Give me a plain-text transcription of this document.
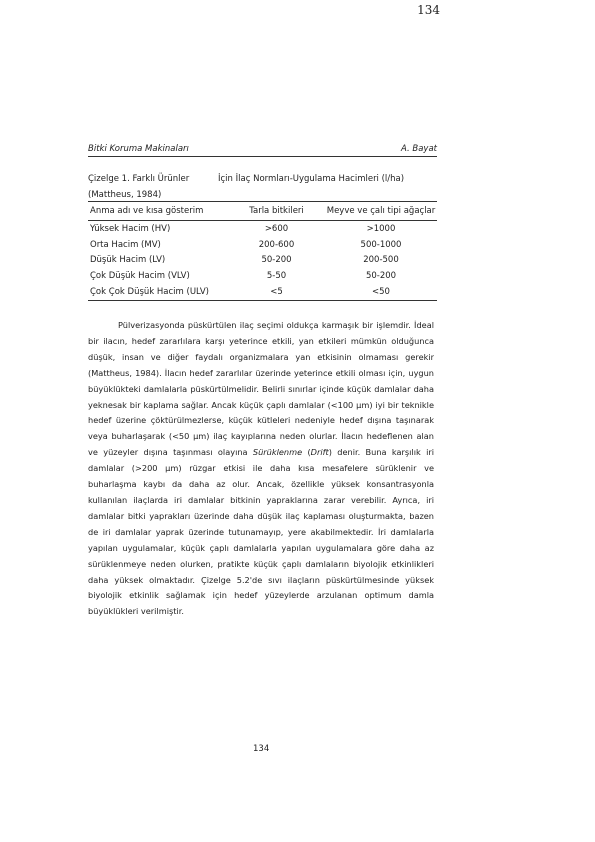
134
Bitki Koruma Makinaları	A. Bayat
Çizelge 1. Farklı Ürünler (Mattheus, 1984)
İçin İlaç Normları-Uygulama Hacimleri (l/ha)
Anma adı ve kısa gösterim	Tarla bitkileri	Meyve ve çalı tipi ağaçlar
Yüksek Hacim (HV)	>600	>1000
Orta Hacim (MV)	200-600	500-1000
Düşük Hacim (LV)	50-200	200-500
Çok Düşük Hacim (VLV)	5-50	50-200
Çok Çok Düşük Hacim (ULV)	<5	<50

Pülverizasyonda püskürtülen ilaç seçimi oldukça karmaşık bir işlemdir. İdeal bir ilacın, hedef zararlılara karşı yeterince etkili, yan etkileri mümkün olduğunca düşük, insan ve diğer faydalı organizmalara yan etkisinin olmaması gerekir (Mattheus, 1984). İlacın hedef zararlılar üzerinde yeterince etkili olması için, uygun büyüklükteki damlalarla püskürtülmelidir. Belirli sınırlar içinde küçük damlalar daha yeknesak bir kaplama sağlar. Ancak küçük çaplı damlalar (<100 µm) iyi bir teknikle hedef üzerine çöktürülmezlerse, küçük kütleleri nedeniyle hedef dışına taşınarak veya buharlaşarak (<50 µm) ilaç kayıplarına neden olurlar. İlacın hedeflenen alan ve yüzeyler dışına taşınması olayına Sürüklenme (Drift) denir. Buna karşılık iri damlalar (>200 µm) rüzgar etkisi ile daha kısa mesafelere sürüklenir ve buharlaşma kaybı da daha az olur. Ancak, özellikle yüksek konsantrasyonla kullanılan ilaçlarda iri damlalar bitkinin yapraklarına zarar verebilir. Ayrıca, iri damlalar bitki yaprakları üzerinde daha düşük ilaç kaplaması oluşturmakta, bazen de iri damlalar yaprak üzerinde tutunamayıp, yere akabilmektedir. İri damlalarla yapılan uygulamalar, küçük çaplı damlalarla yapılan uygulamalara göre daha az sürüklenmeye neden olurken, pratikte küçük çaplı damlaların biyolojik etkinlikleri daha yüksek olmaktadır. Çizelge 5.2'de sıvı ilaçların püskürtülmesinde yüksek biyolojik etkinlik sağlamak için hedef yüzeylerde arzulanan optimum damla büyüklükleri verilmiştir.

134
